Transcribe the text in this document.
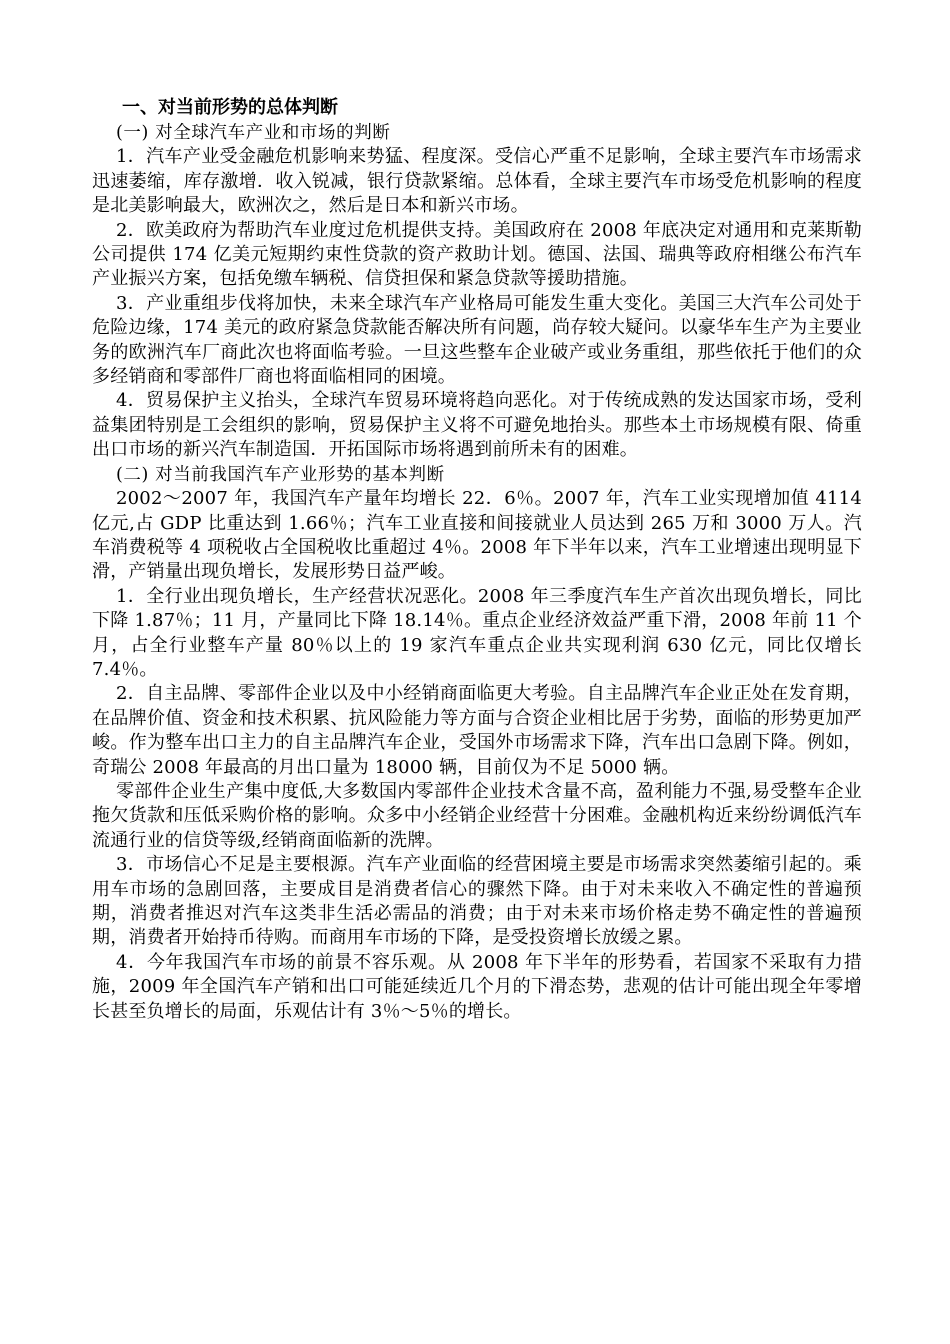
一、对当前形势的总体判断
(一) 对全球汽车产业和市场的判断

1．汽车产业受金融危机影响来势猛、程度深。受信心严重不足影响，全球主要汽车市场需求迅速萎缩，库存激增．收入锐减，银行贷款紧缩。总体看，全球主要汽车市场受危机影响的程度是北美影响最大，欧洲次之，然后是日本和新兴市场。

2．欧美政府为帮助汽车业度过危机提供支持。美国政府在 2008 年底决定对通用和克莱斯勒公司提供 174 亿美元短期约束性贷款的资产救助计划。德国、法国、瑞典等政府相继公布汽车产业振兴方案，包括免缴车辆税、信贷担保和紧急贷款等援助措施。

3．产业重组步伐将加快，未来全球汽车产业格局可能发生重大变化。美国三大汽车公司处于危险边缘，174 美元的政府紧急贷款能否解决所有问题，尚存较大疑问。以豪华车生产为主要业务的欧洲汽车厂商此次也将面临考验。一旦这些整车企业破产或业务重组，那些依托于他们的众多经销商和零部件厂商也将面临相同的困境。

4．贸易保护主义抬头，全球汽车贸易环境将趋向恶化。对于传统成熟的发达国家市场，受利益集团特别是工会组织的影响，贸易保护主义将不可避免地抬头。那些本土市场规模有限、倚重出口市场的新兴汽车制造国．开拓国际市场将遇到前所未有的困难。

(二) 对当前我国汽车产业形势的基本判断

2002～2007 年，我国汽车产量年均增长 22．6％。2007 年，汽车工业实现增加值 4114 亿元,占 GDP 比重达到 1.66％；汽车工业直接和间接就业人员达到 265 万和 3000 万人。汽车消费税等 4 项税收占全国税收比重超过 4％。2008 年下半年以来，汽车工业增速出现明显下滑，产销量出现负增长，发展形势日益严峻。

1．全行业出现负增长，生产经营状况恶化。2008 年三季度汽车生产首次出现负增长，同比下降 1.87％；11 月，产量同比下降 18.14％。重点企业经济效益严重下滑，2008 年前 11 个月，占全行业整车产量 80％以上的 19 家汽车重点企业共实现利润 630 亿元，同比仅增长 7.4％。

2．自主品牌、零部件企业以及中小经销商面临更大考验。自主品牌汽车企业正处在发育期，在品牌价值、资金和技术积累、抗风险能力等方面与合资企业相比居于劣势，面临的形势更加严峻。作为整车出口主力的自主品牌汽车企业，受国外市场需求下降，汽车出口急剧下降。例如，奇瑞公 2008 年最高的月出口量为 18000 辆，目前仅为不足 5000 辆。

零部件企业生产集中度低,大多数国内零部件企业技术含量不高，盈利能力不强,易受整车企业拖欠货款和压低采购价格的影响。众多中小经销企业经营十分困难。金融机构近来纷纷调低汽车流通行业的信贷等级,经销商面临新的洗牌。

3．市场信心不足是主要根源。汽车产业面临的经营困境主要是市场需求突然萎缩引起的。乘用车市场的急剧回落，主要成目是消费者信心的骤然下降。由于对未来收入不确定性的普遍预期，消费者推迟对汽车这类非生活必需品的消费；由于对未来市场价格走势不确定性的普遍预期，消费者开始持币待购。而商用车市场的下降，是受投资增长放缓之累。

4．今年我国汽车市场的前景不容乐观。从 2008 年下半年的形势看，若国家不采取有力措施，2009 年全国汽车产销和出口可能延续近几个月的下滑态势，悲观的估计可能出现全年零增长甚至负增长的局面，乐观估计有 3％～5％的增长。
